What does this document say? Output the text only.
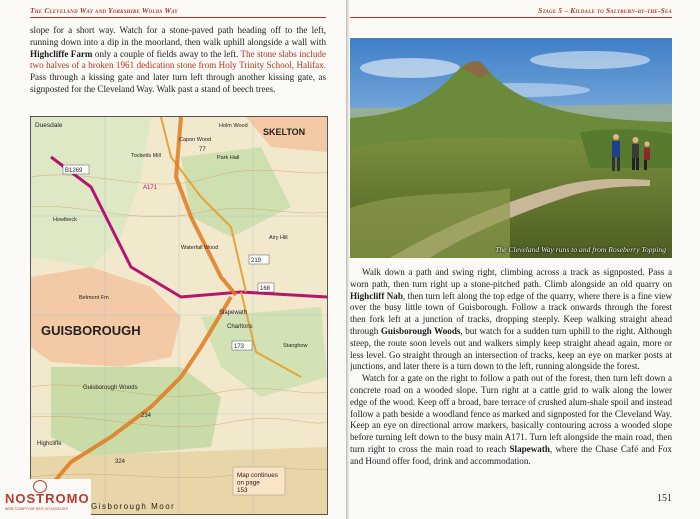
The Cleveland Way and Yorkshire Wolds Way

slope for a short way. Watch for a stone-paved path heading off to the left, running down into a dip in the moorland, then walk uphill alongside a wall with Highcliffe Farm only a couple of fields away to the left. The stone slabs include two halves of a broken 1961 dedication stone from Holy Trinity School, Halifax. Pass through a kissing gate and later turn left through another kissing gate, as signposted for the Cleveland Way. Walk past a stand of beech trees.

Duesdale
SKELTON
GUISBOROUGH
Gisborough Moor
Guisborough Woods
Highcliffe
Slapewath
Charltons
Tocketts Mill
Capon Wood
Park Hall
Howlbeck
Waterfall Wood
Airy Hill
Holm Wood
Belmont Fm
Stanghow
A171
B1269
219
168
173
234
77
324
Map continues on page 153
NOSTROMO
WEB COMPTOIR DES VOYAGEURS
Stage 5 – Kildale to Saltburn-by-the-Sea
The Cleveland Way runs to and from Roseberry Topping

Walk down a path and swing right, climbing across a track as signposted. Pass a worn path, then turn right up a stone-pitched path. Climb alongside an old quarry on Highcliff Nab, then turn left along the top edge of the quarry, where there is a fine view over the busy little town of Guisborough. Follow a track onwards through the forest then fork left at a junction of tracks, dropping steeply. Keep walking straight ahead through Guisborough Woods, but watch for a sudden turn uphill to the right. Although steep, the route soon levels out and walkers simply keep straight ahead again, more or less level. Go straight through an intersection of tracks, keep an eye on marker posts at junctions, and later there is a turn down to the left, running alongside the forest.

Watch for a gate on the right to follow a path out of the forest, then turn left down a concrete road on a wooded slope. Turn right at a cattle grid to walk along the lower edge of the wood. Keep off a broad, bare terrace of crushed alum-shale spoil and instead follow a path beside a woodland fence as marked and signposted for the Cleveland Way. Keep an eye on directional arrow markers, basically contouring across a wooded slope before turning left down to the busy main A171. Turn left alongside the main road, then turn right to cross the main road to reach Slapewath, where the Chase Café and Fox and Hound offer food, drink and accommodation.

151
